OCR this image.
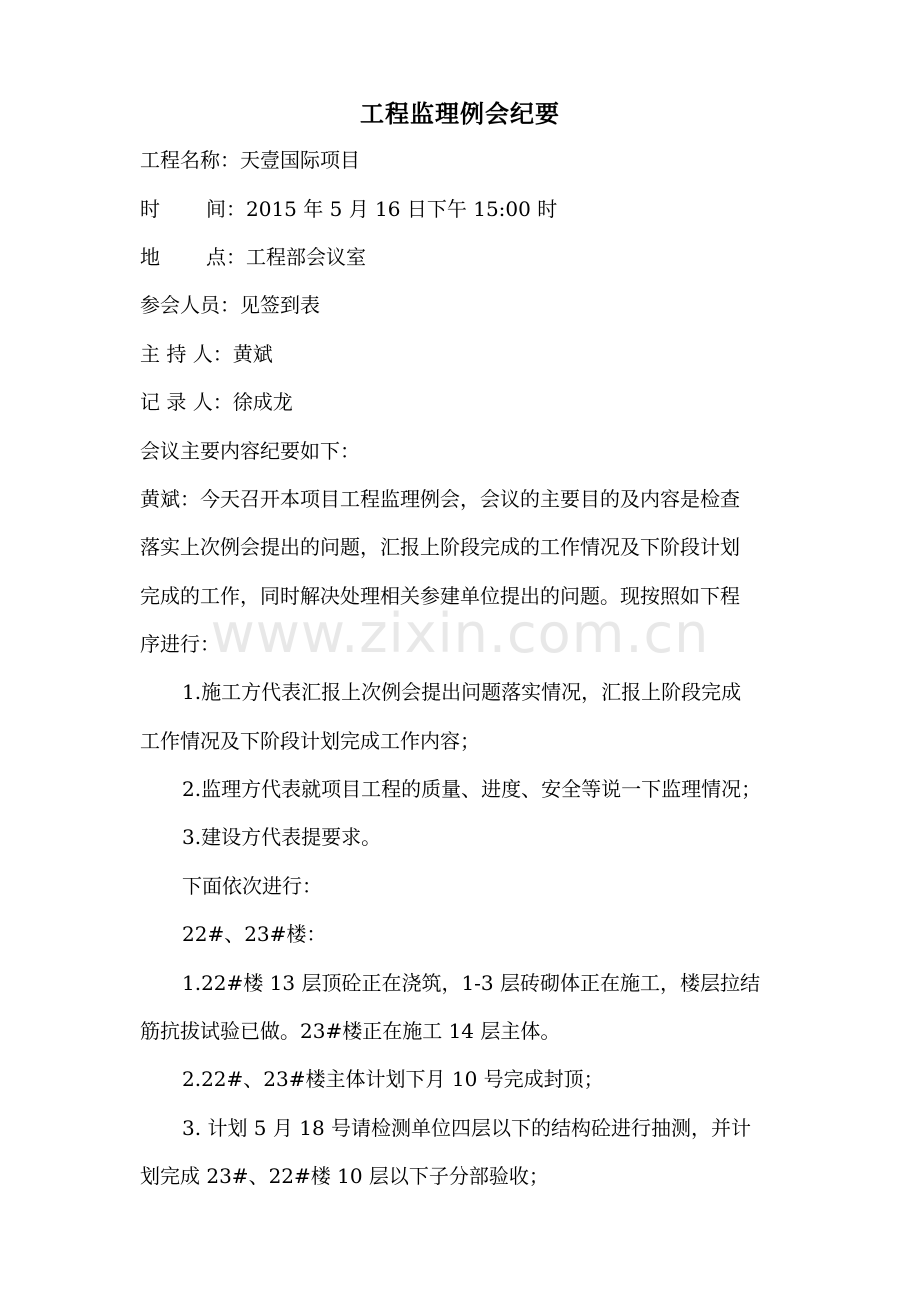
工程监理例会纪要
工程名称：天壹国际项目
时 间：2015 年 5 月 16 日下午 15:00 时
地 点：工程部会议室
参会人员：见签到表
主 持 人：黄斌
记 录 人：徐成龙
会议主要内容纪要如下：
黄斌：今天召开本项目工程监理例会，会议的主要目的及内容是检查
落实上次例会提出的问题，汇报上阶段完成的工作情况及下阶段计划
完成的工作，同时解决处理相关参建单位提出的问题。现按照如下程
序进行：
1.施工方代表汇报上次例会提出问题落实情况，汇报上阶段完成
工作情况及下阶段计划完成工作内容；
2.监理方代表就项目工程的质量、进度、安全等说一下监理情况；
3.建设方代表提要求。
下面依次进行：
22#、23#楼：
1.22#楼 13 层顶砼正在浇筑，1-3 层砖砌体正在施工，楼层拉结
筋抗拔试验已做。23#楼正在施工 14 层主体。
2.22#、23#楼主体计划下月 10 号完成封顶；
3. 计划 5 月 18 号请检测单位四层以下的结构砼进行抽测，并计
划完成 23#、22#楼 10 层以下子分部验收；
www.zixin.com.cn
